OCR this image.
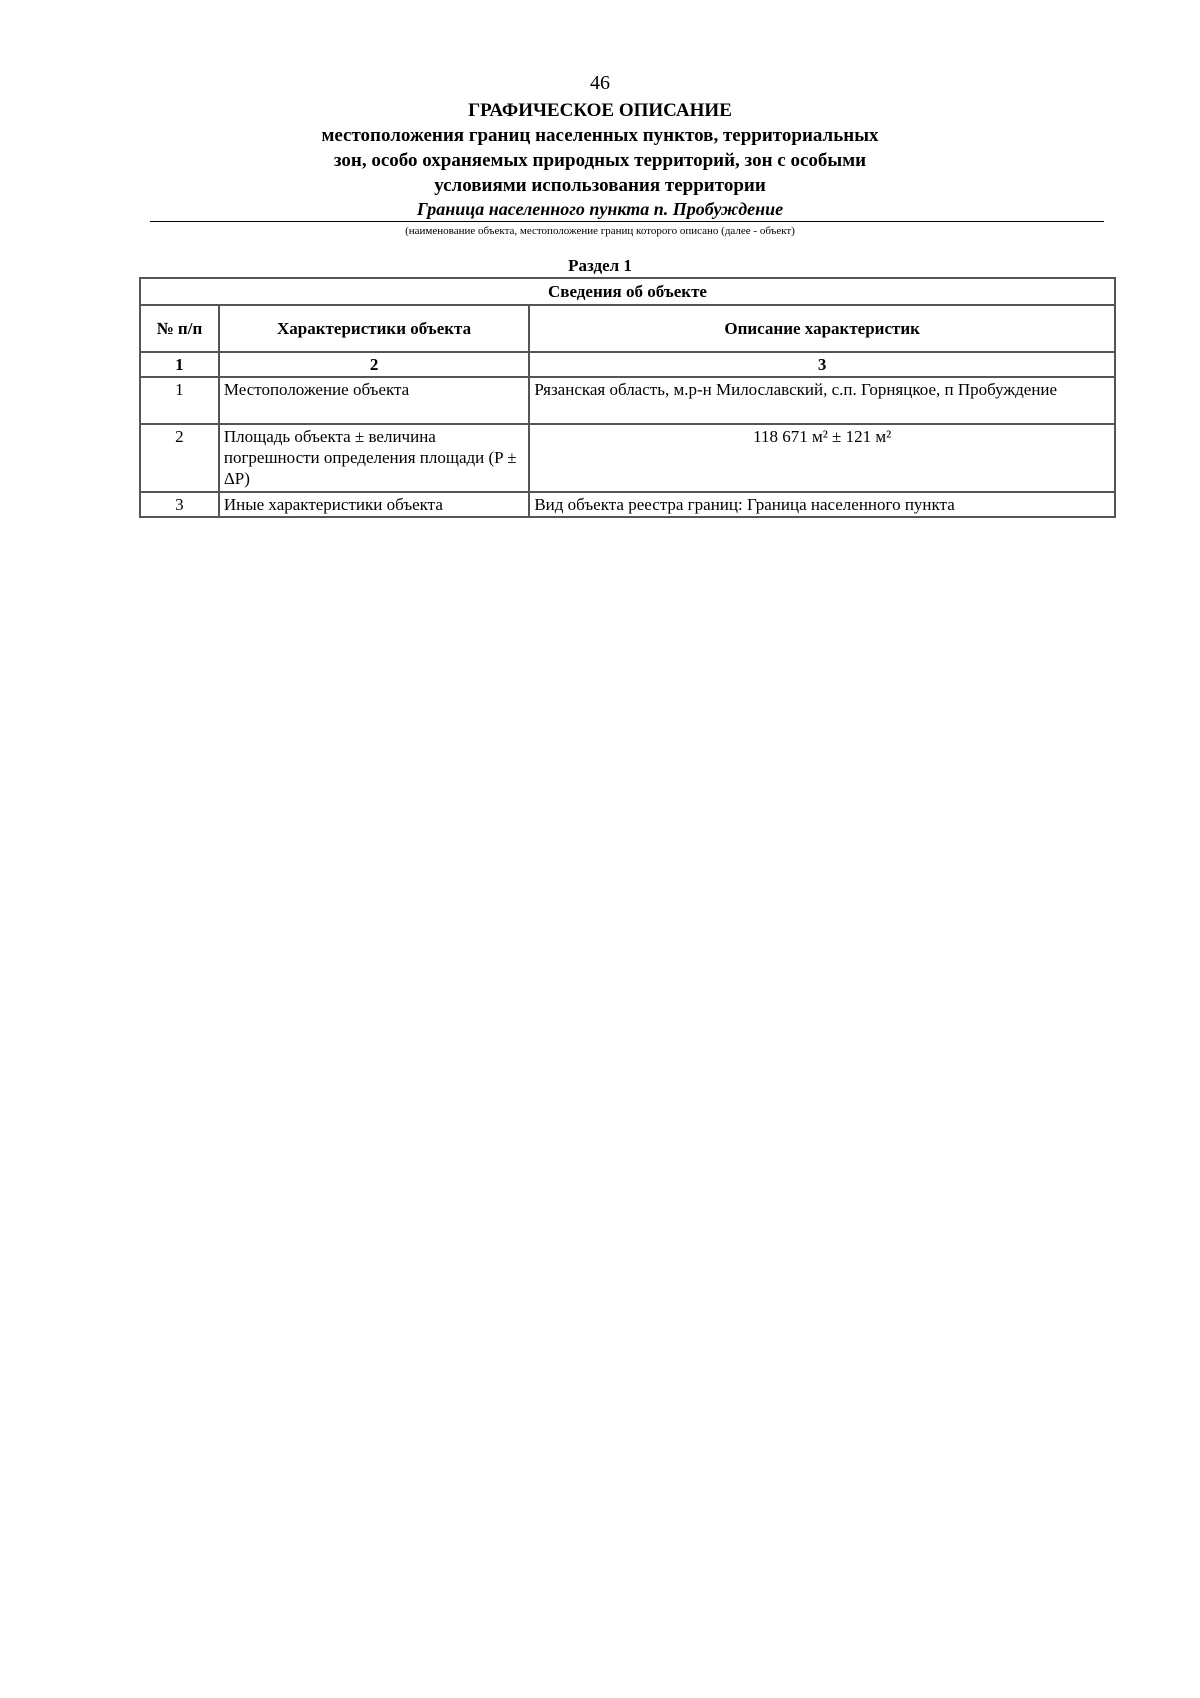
46
ГРАФИЧЕСКОЕ ОПИСАНИЕ
местоположения границ населенных пунктов, территориальных
зон, особо охраняемых природных территорий, зон с особыми
условиями использования территории
Граница населенного пункта п. Пробуждение
(наименование объекта, местоположение границ которого описано (далее - объект)
Раздел 1
Сведения об объекте		
№ п/п	Характеристики объекта	Описание характеристик
1	2	3
1	Местоположение объекта	Рязанская область, м.р-н Милославский, с.п. Горняцкое, п Пробуждение
2	Площадь объекта ± величина погрешности определения площади (P ± ΔP)	118 671 м² ± 121 м²
3	Иные характеристики объекта	Вид объекта реестра границ: Граница населенного пункта
